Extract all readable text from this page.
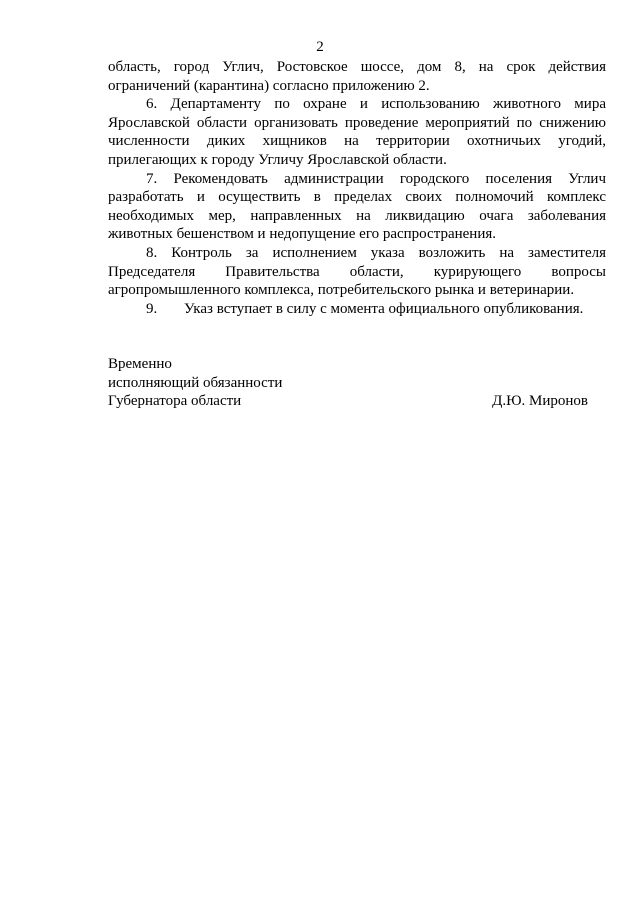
2

область, город Углич, Ростовское шоссе, дом 8, на срок действия ограничений (карантина) согласно приложению 2.

6. Департаменту по охране и использованию животного мира Ярославской области организовать проведение мероприятий по снижению численности диких хищников на территории охотничьих угодий, прилегающих к городу Угличу Ярославской области.

7. Рекомендовать администрации городского поселения Углич разработать и осуществить в пределах своих полномочий комплекс необходимых мер, направленных на ликвидацию очага заболевания животных бешенством и недопущение его распространения.

8. Контроль за исполнением указа возложить на заместителя Председателя Правительства области, курирующего вопросы агропромышленного комплекса, потребительского рынка и ветеринарии.

9. Указ вступает в силу с момента официального опубликования.

Временно
исполняющий обязанности
Губернатора области	Д.Ю. Миронов
